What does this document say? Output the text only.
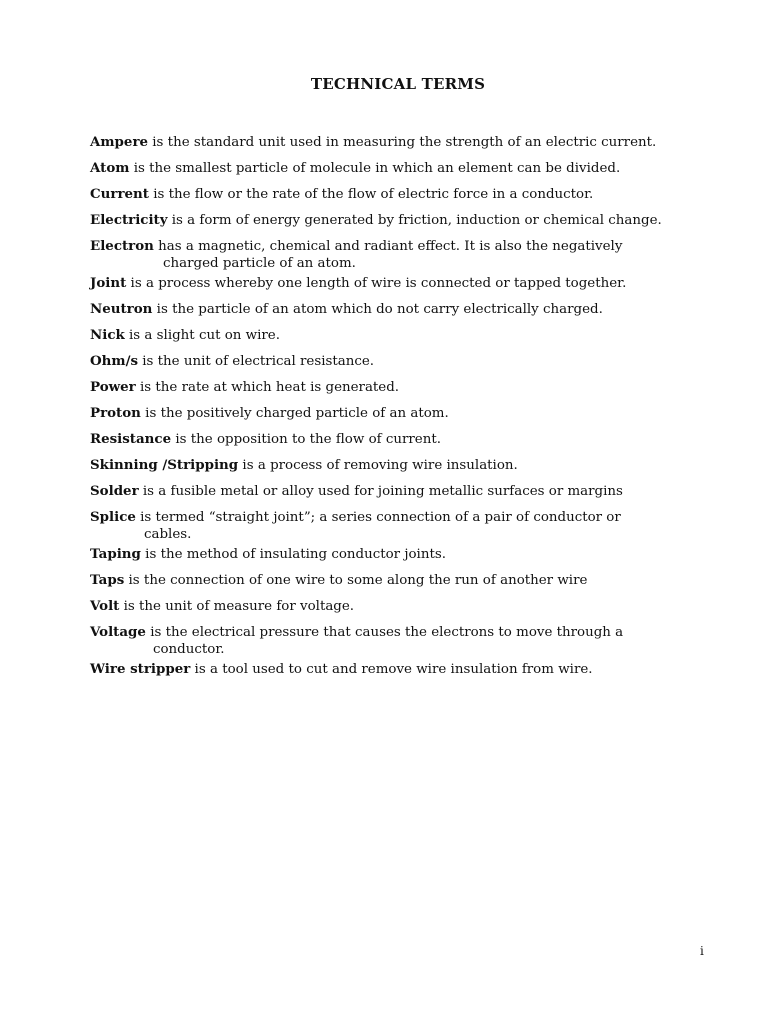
TECHNICAL TERMS
Ampere is the standard unit used in measuring the strength of an electric current.
Atom is the smallest particle of molecule in which an element can be divided.
Current is the flow or the rate of the flow of electric force in a conductor.
Electricity is a form of energy generated by friction, induction or chemical change.
Electron has a magnetic, chemical and radiant effect. It is also the negatively
charged particle of an atom.
Joint is a process whereby one length of wire is connected or tapped together.
Neutron is the particle of an atom which do not carry electrically charged.
Nick is a slight cut on wire.
Ohm/s is the unit of electrical resistance.
Power is the rate at which heat is generated.
Proton is the positively charged particle of an atom.
Resistance is the opposition to the flow of current.
Skinning /Stripping is a process of removing wire insulation.
Solder is a fusible metal or alloy used for joining metallic surfaces or margins
Splice is termed “straight joint”; a series connection of a pair of conductor or
cables.
Taping is the method of insulating conductor joints.
Taps is the connection of one wire to some along the run of another wire
Volt is the unit of measure for voltage.
Voltage is the electrical pressure that causes the electrons to move through a
conductor.
Wire stripper is a tool used to cut and remove wire insulation from wire.

i
